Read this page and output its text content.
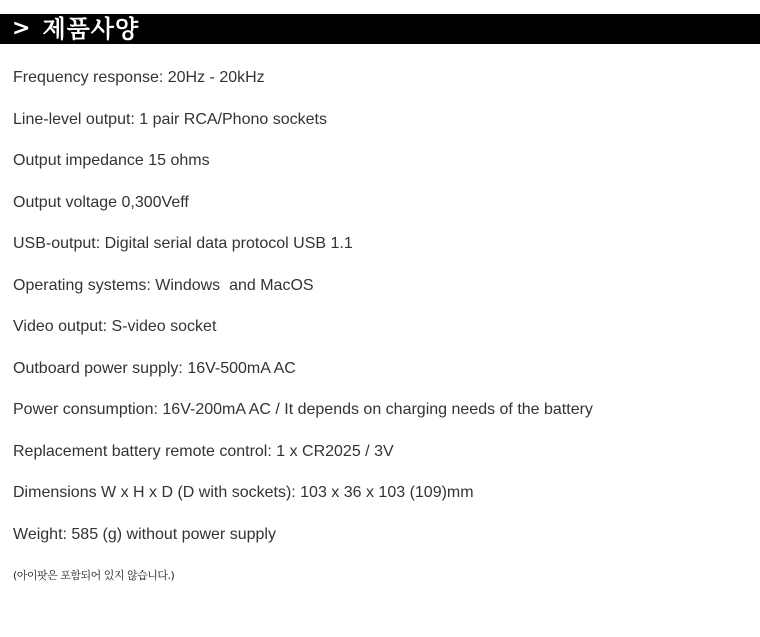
> 제품사양
Frequency response: 20Hz - 20kHz
Line-level output: 1 pair RCA/Phono sockets
Output impedance 15 ohms
Output voltage 0,300Veff
USB-output: Digital serial data protocol USB 1.1
Operating systems: Windows  and MacOS
Video output: S-video socket
Outboard power supply: 16V-500mA AC
Power consumption: 16V-200mA AC / It depends on charging needs of the battery
Replacement battery remote control: 1 x CR2025 / 3V
Dimensions W x H x D (D with sockets): 103 x 36 x 103 (109)mm
Weight: 585 (g) without power supply
(아이팟은 포함되어 있지 않습니다.)
